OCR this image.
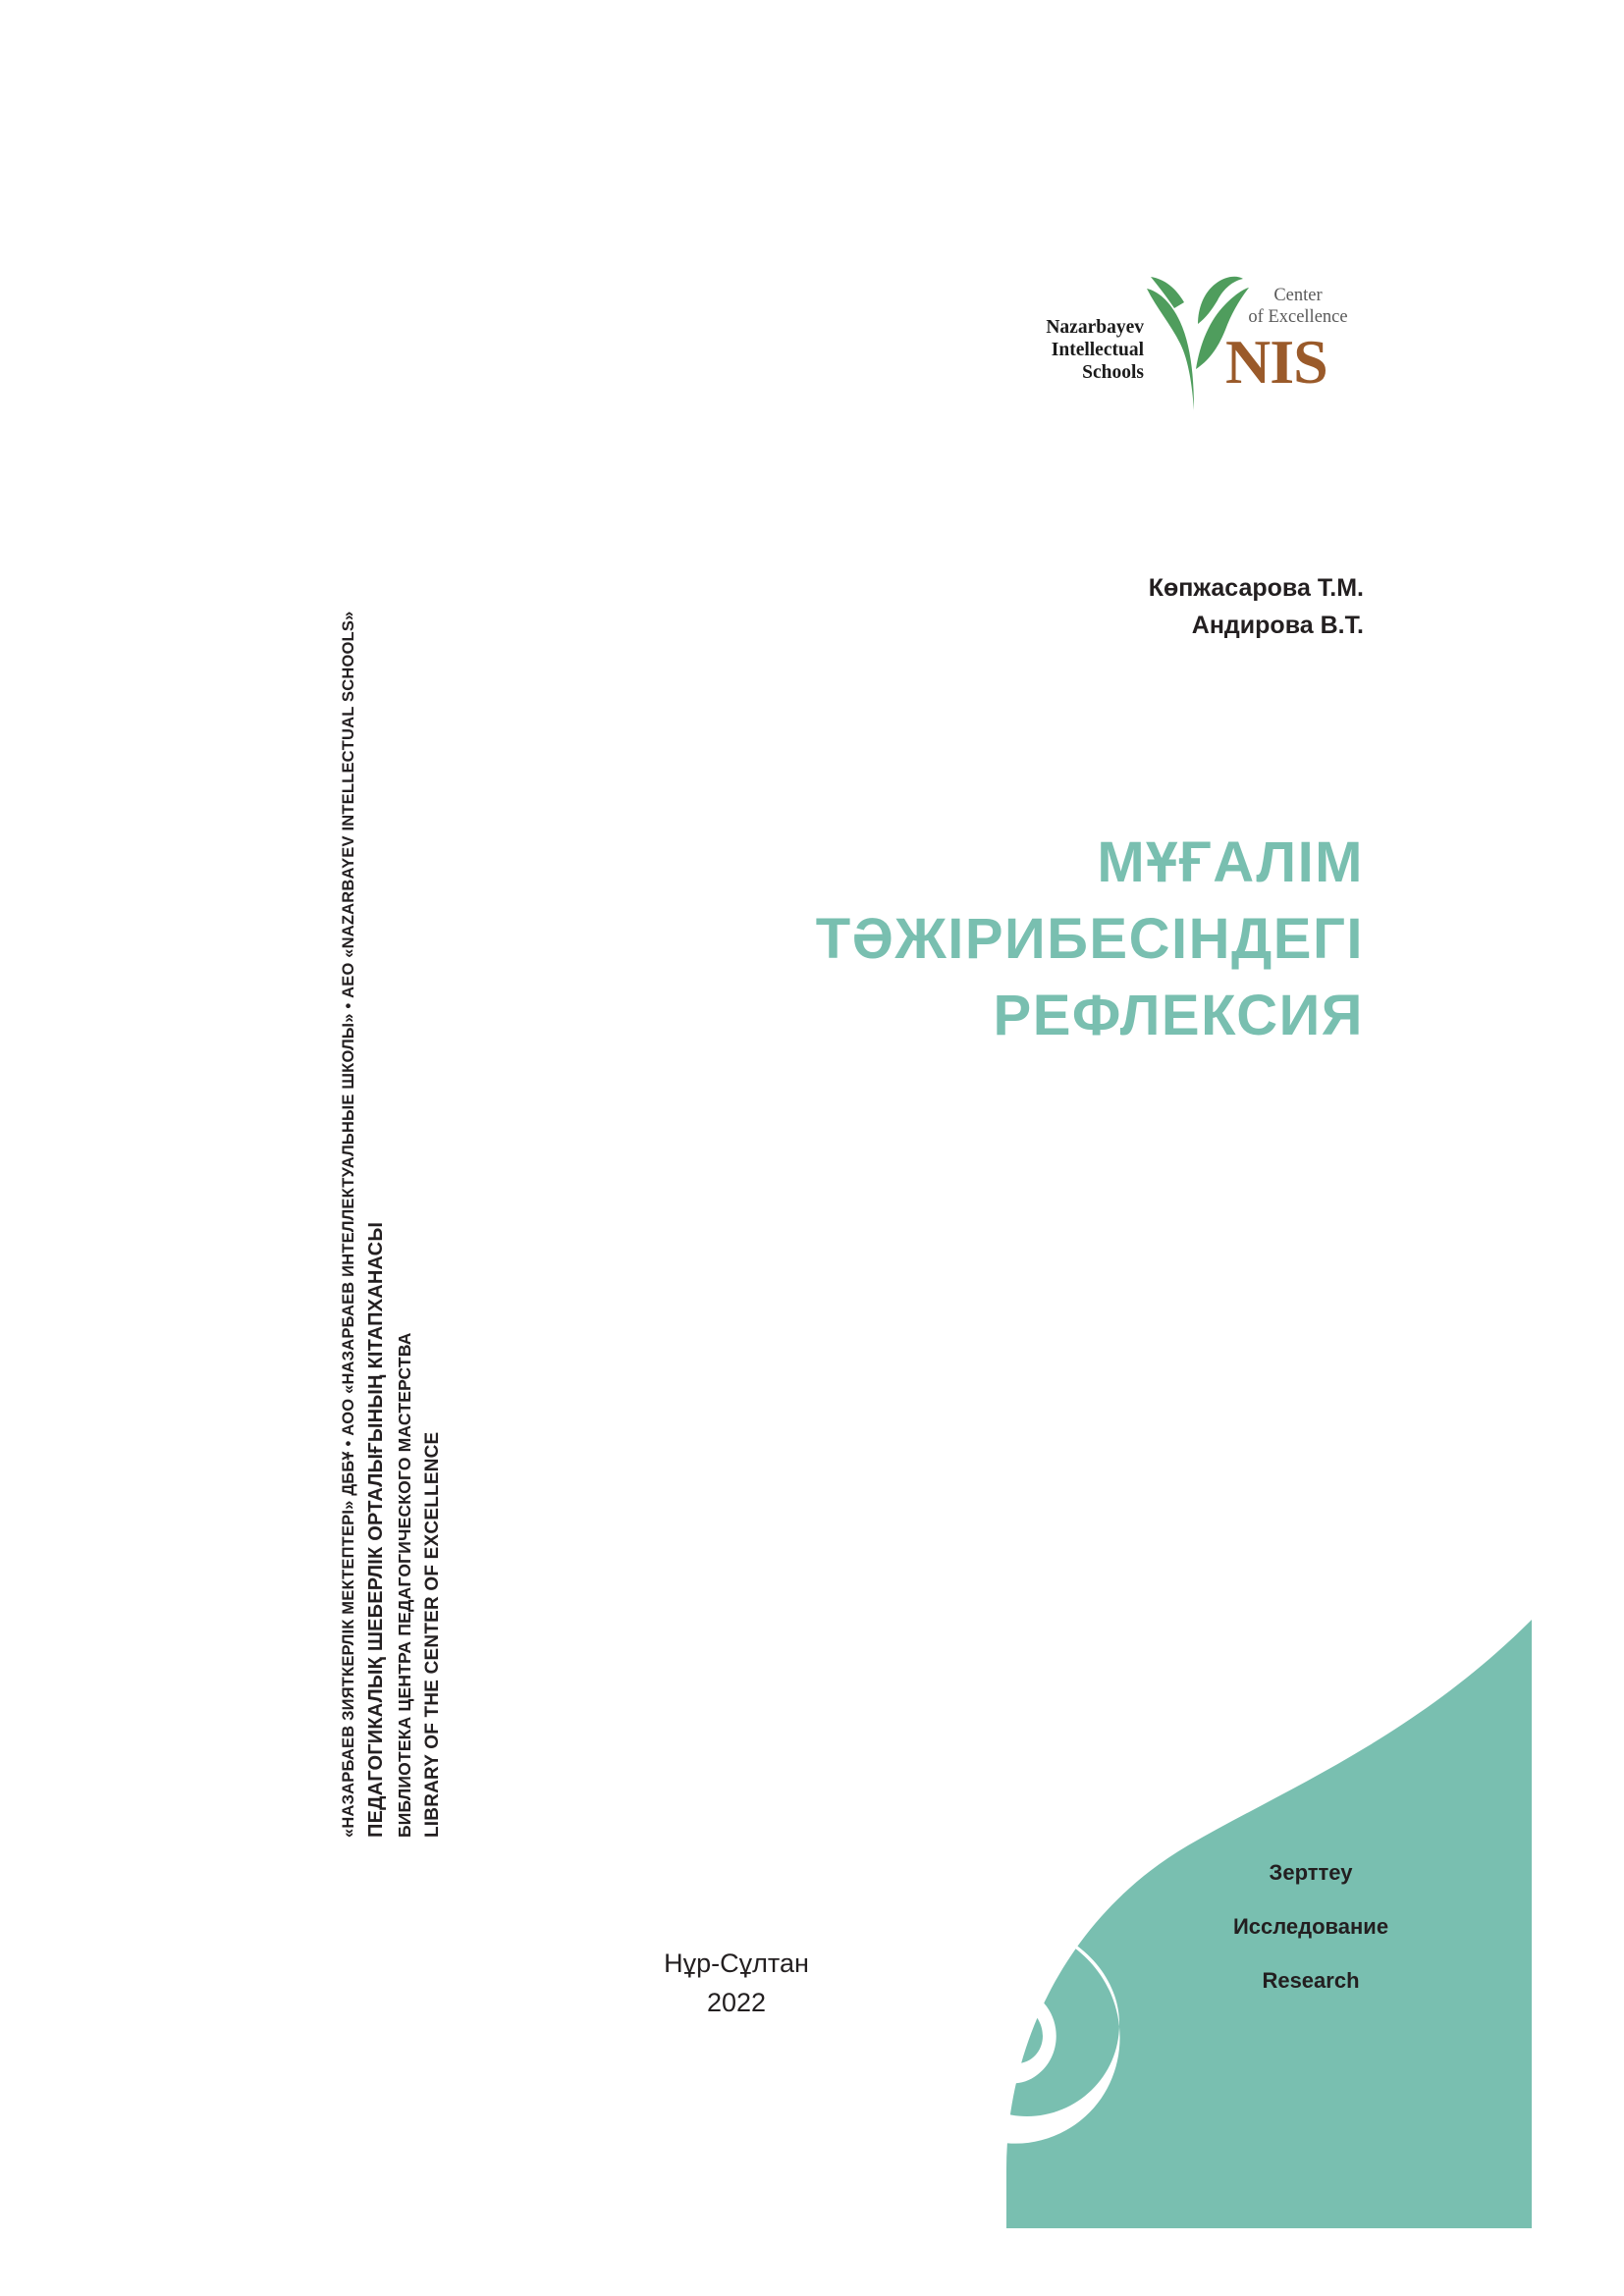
«НАЗАРБАЕВ ЗИЯТКЕРЛІК МЕКТЕПТЕРІ» ДББҰ • АОО «НАЗАРБАЕВ ИНТЕЛЛЕКТУАЛЬНЫЕ ШКОЛЫ» • АЕО «NAZARBAYEV INTELLECTUAL SCHOOLS» ПЕДАГОГИКАЛЫҚ ШЕБЕРЛІК ОРТАЛЫҒЫНЫҢ КІТАПХАНАСЫ БИБЛИОТЕКА ЦЕНТРА ПЕДАГОГИЧЕСКОГО МАСТЕРСТВА LIBRARY OF THE CENTER OF EXCELLENCE
Nazarbayev
Intellectual
Schools
Center
of Excellence
NIS
Көпжасарова Т.М.
Андирова В.Т.
МҰҒАЛІМ
ТӘЖІРИБЕСІНДЕГІ
РЕФЛЕКСИЯ
Зерттеу
Исследование
Research
Нұр-Сұлтан
2022
